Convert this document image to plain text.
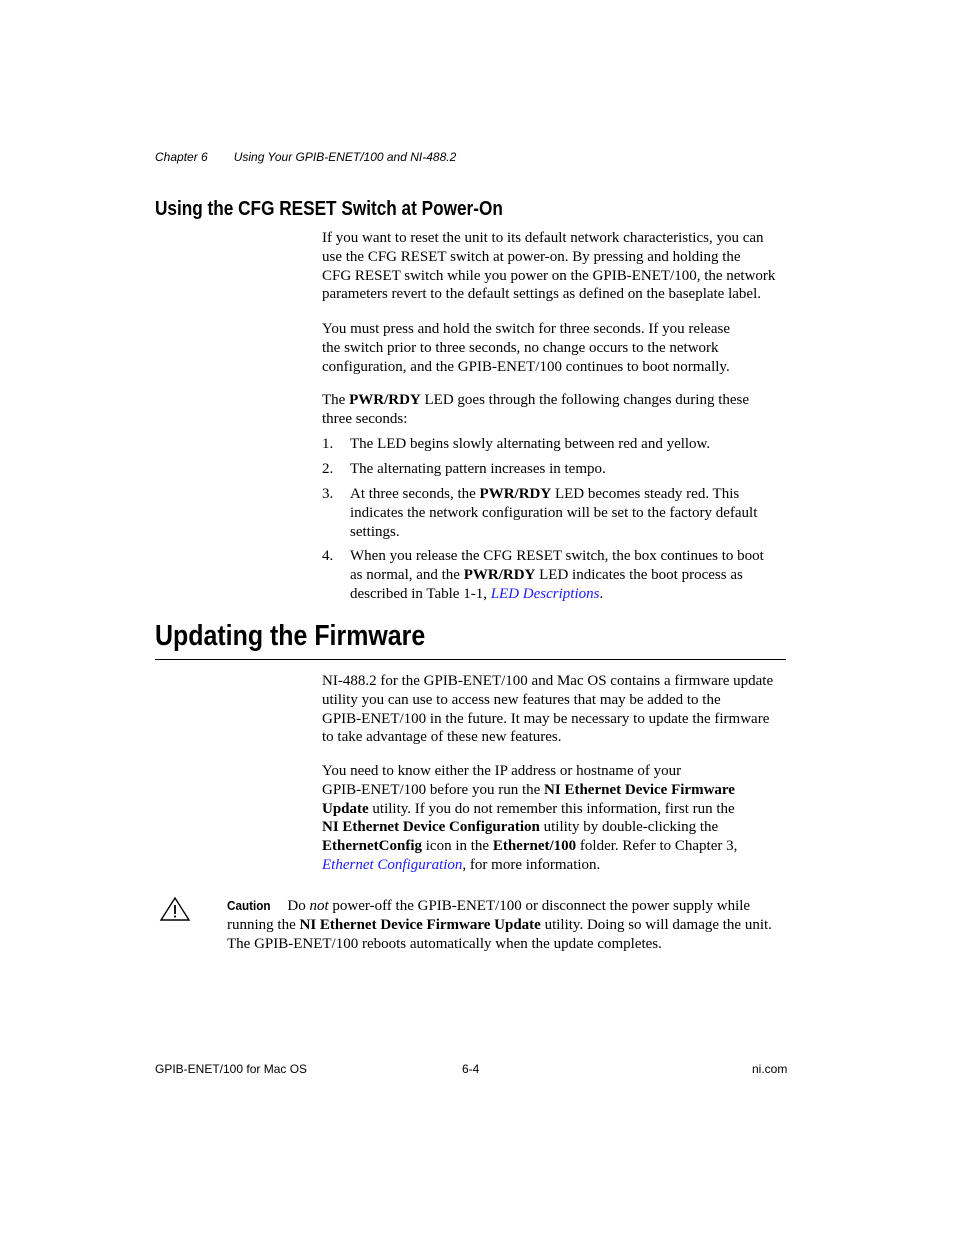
Chapter 6 Using Your GPIB-ENET/100 and NI-488.2
Using the CFG RESET Switch at Power-On
If you want to reset the unit to its default network characteristics, you can
use the CFG RESET switch at power-on. By pressing and holding the
CFG RESET switch while you power on the GPIB-ENET/100, the network
parameters revert to the default settings as defined on the baseplate label.
You must press and hold the switch for three seconds. If you release
the switch prior to three seconds, no change occurs to the network
configuration, and the GPIB-ENET/100 continues to boot normally.
The PWR/RDY LED goes through the following changes during these
three seconds:
1. The LED begins slowly alternating between red and yellow.
2. The alternating pattern increases in tempo.
3. At three seconds, the PWR/RDY LED becomes steady red. This
indicates the network configuration will be set to the factory default
settings.
4. When you release the CFG RESET switch, the box continues to boot
as normal, and the PWR/RDY LED indicates the boot process as
described in Table 1-1, LED Descriptions.
Updating the Firmware
NI-488.2 for the GPIB-ENET/100 and Mac OS contains a firmware update
utility you can use to access new features that may be added to the
GPIB-ENET/100 in the future. It may be necessary to update the firmware
to take advantage of these new features.
You need to know either the IP address or hostname of your
GPIB-ENET/100 before you run the NI Ethernet Device Firmware
Update utility. If you do not remember this information, first run the
NI Ethernet Device Configuration utility by double-clicking the
EthernetConfig icon in the Ethernet/100 folder. Refer to Chapter 3,
Ethernet Configuration, for more information.
Caution Do not power-off the GPIB-ENET/100 or disconnect the power supply while
running the NI Ethernet Device Firmware Update utility. Doing so will damage the unit.
The GPIB-ENET/100 reboots automatically when the update completes.
GPIB-ENET/100 for Mac OS	6-4	ni.com
